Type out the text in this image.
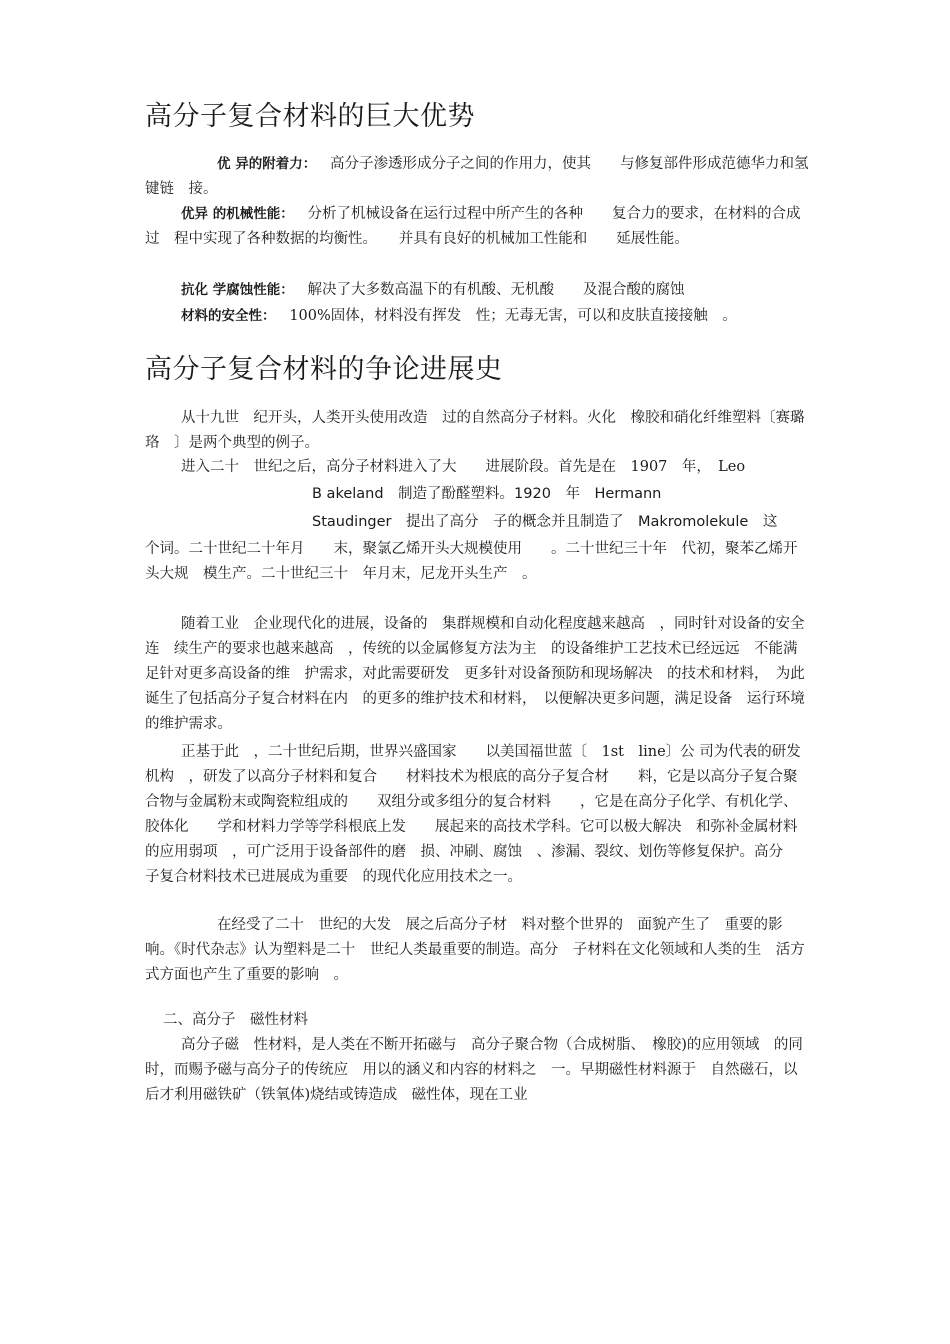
高分子复合材料的巨大优势

优 异的附着力： 高分子渗透形成分子之间的作用力，使其　　与修复部件形成范德华力和氢键链　接。

优异 的机械性能： 分析了机械设备在运行过程中所产生的各种　　复合力的要求，在材料的合成过　程中实现了各种数据的均衡性。　　并具有良好的机械加工性能和　　延展性能。

抗化 学腐蚀性能： 解决了大多数高温下的有机酸、无机酸　　及混合酸的腐蚀

材料的安全性： 100%固体，材料没有挥发　性；无毒无害，可以和皮肤直接接触　。

高分子复合材料的争论进展史

从十九世　纪开头，人类开头使用改造　过的自然高分子材料。火化　橡胶和硝化纤维塑料〔赛璐珞　〕是两个典型的例子。

进入二十　世纪之后，高分子材料进入了大　　进展阶段。首先是在　1907　年，　Leo

B akeland　制造了酚醛塑料。1920　年　Hermann

Staudinger　提出了高分　子的概念并且制造了　Makromolekule　这

个词。二十世纪二十年月　　末，聚氯乙烯开头大规模使用　　。二十世纪三十年　代初，聚苯乙烯开头大规　模生产。二十世纪三十　年月末，尼龙开头生产　。

随着工业　企业现代化的进展，设备的　集群规模和自动化程度越来越高　，同时针对设备的安全连　续生产的要求也越来越高　，传统的以金属修复方法为主　的设备维护工艺技术已经远远　不能满足针对更多高设备的维　护需求，对此需要研发　更多针对设备预防和现场解决　的技术和材料，　为此诞生了包括高分子复合材料在内　的更多的维护技术和材料，　以便解决更多问题，满足设备　运行环境的维护需求。

正基于此　，二十世纪后期，世界兴盛国家　　以美国福世蓝〔　1st　line〕公 司为代表的研发机构　，研发了以高分子材料和复合　　材料技术为根底的高分子复合材　　料，它是以高分子复合聚　合物与金属粉末或陶瓷粒组成的　　双组分或多组分的复合材料　　，它是在高分子化学、有机化学、胶体化　　学和材料力学等学科根底上发　　展起来的高技术学科。它可以极大解决　和弥补金属材料的应用弱项　，可广泛用于设备部件的磨　损、冲刷、腐蚀　、渗漏、裂纹、划伤等修复保护。高分　子复合材料技术已进展成为重要　的现代化应用技术之一。

在经受了二十　世纪的大发　展之后高分子材　料对整个世界的　面貌产生了　重要的影响。《时代杂志》认为塑料是二十　世纪人类最重要的制造。高分　子材料在文化领域和人类的生　活方式方面也产生了重要的影响　。

二、高分子　磁性材料

高分子磁　性材料，是人类在不断开拓磁与　高分子聚合物（合成树脂、　橡胶)的应用领域　的同时，而赐予磁与高分子的传统应　用以的涵义和内容的材料之　一。早期磁性材料源于　自然磁石，以后才利用磁铁矿（铁氧体)烧结或铸造成　磁性体，现在工业
